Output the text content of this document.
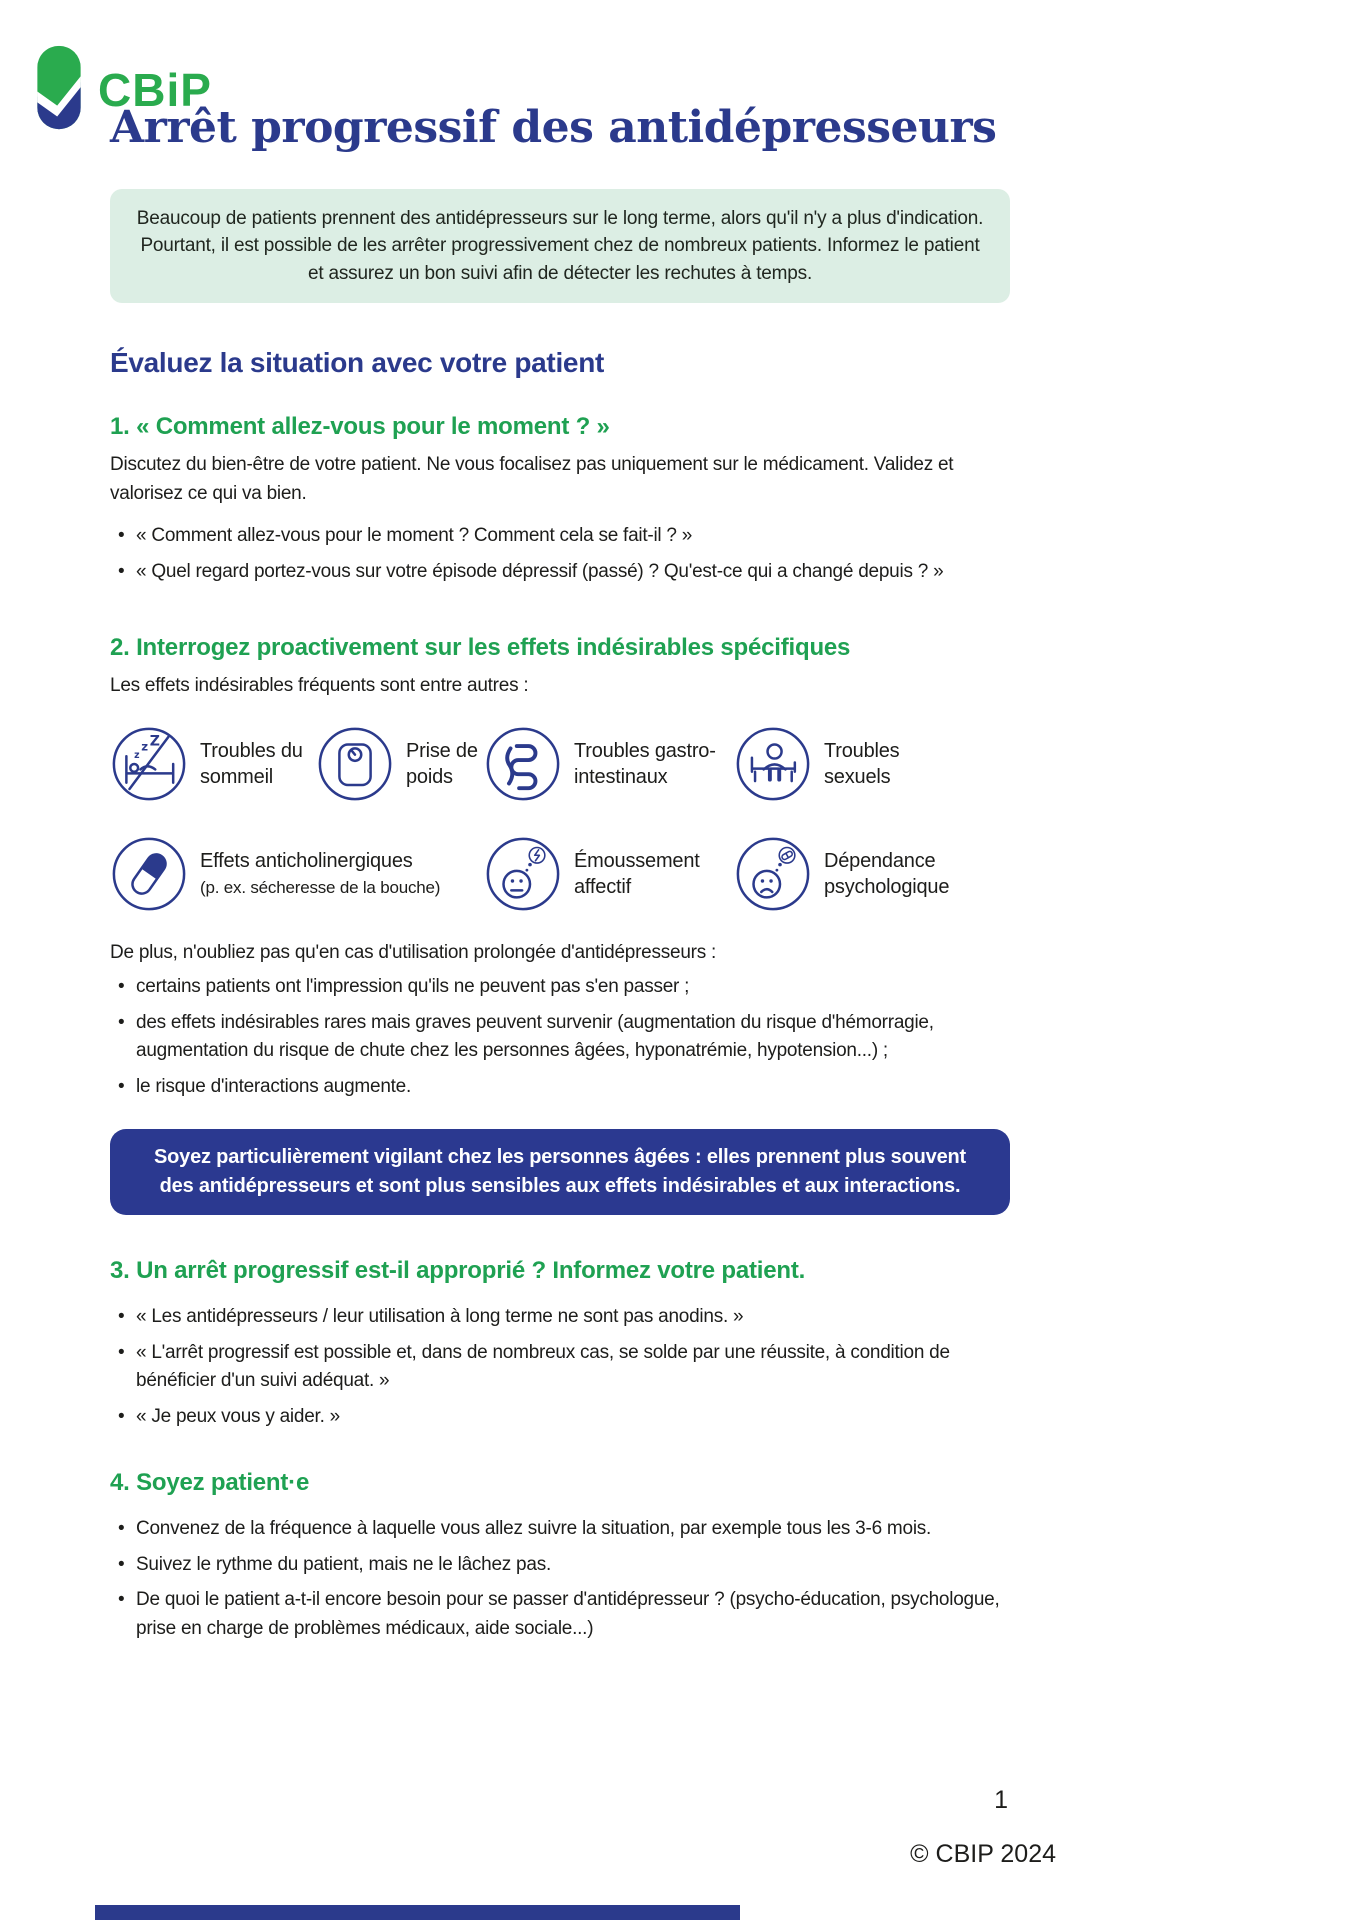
CBiP
Arrêt progressif des antidépresseurs
Beaucoup de patients prennent des antidépresseurs sur le long terme, alors qu'il n'y a plus d'indication. Pourtant, il est possible de les arrêter progressivement chez de nombreux patients. Informez le patient et assurez un bon suivi afin de détecter les rechutes à temps.
Évaluez la situation avec votre patient
1. « Comment allez-vous pour le moment ? »
Discutez du bien-être de votre patient. Ne vous focalisez pas uniquement sur le médicament. Validez et valorisez ce qui va bien.
• « Comment allez-vous pour le moment ? Comment cela se fait-il ? »
• « Quel regard portez-vous sur votre épisode dépressif (passé) ? Qu'est-ce qui a changé depuis ? »
2. Interrogez proactivement sur les effets indésirables spécifiques
Les effets indésirables fréquents sont entre autres :
z
z Z Troubles du sommeil
Prise de poids
Troubles gastro-intestinaux
Troubles sexuels
Effets anticholinergiques
(p. ex. sécheresse de la bouche)
Émoussement affectif
Dépendance psychologique
De plus, n'oubliez pas qu'en cas d'utilisation prolongée d'antidépresseurs :
• certains patients ont l'impression qu'ils ne peuvent pas s'en passer ;
• des effets indésirables rares mais graves peuvent survenir (augmentation du risque d'hémorragie, augmentation du risque de chute chez les personnes âgées, hyponatrémie, hypotension...) ;
• le risque d'interactions augmente.
Soyez particulièrement vigilant chez les personnes âgées : elles prennent plus souvent des antidépresseurs et sont plus sensibles aux effets indésirables et aux interactions.
3. Un arrêt progressif est-il approprié ? Informez votre patient.
• « Les antidépresseurs / leur utilisation à long terme ne sont pas anodins. »
• « L'arrêt progressif est possible et, dans de nombreux cas, se solde par une réussite, à condition de bénéficier d'un suivi adéquat. »
• « Je peux vous y aider. »
4. Soyez patient·e
• Convenez de la fréquence à laquelle vous allez suivre la situation, par exemple tous les 3-6 mois.
• Suivez le rythme du patient, mais ne le lâchez pas.
• De quoi le patient a-t-il encore besoin pour se passer d'antidépresseur ? (psycho-éducation, psychologue, prise en charge de problèmes médicaux, aide sociale...)
1
© CBIP 2024
